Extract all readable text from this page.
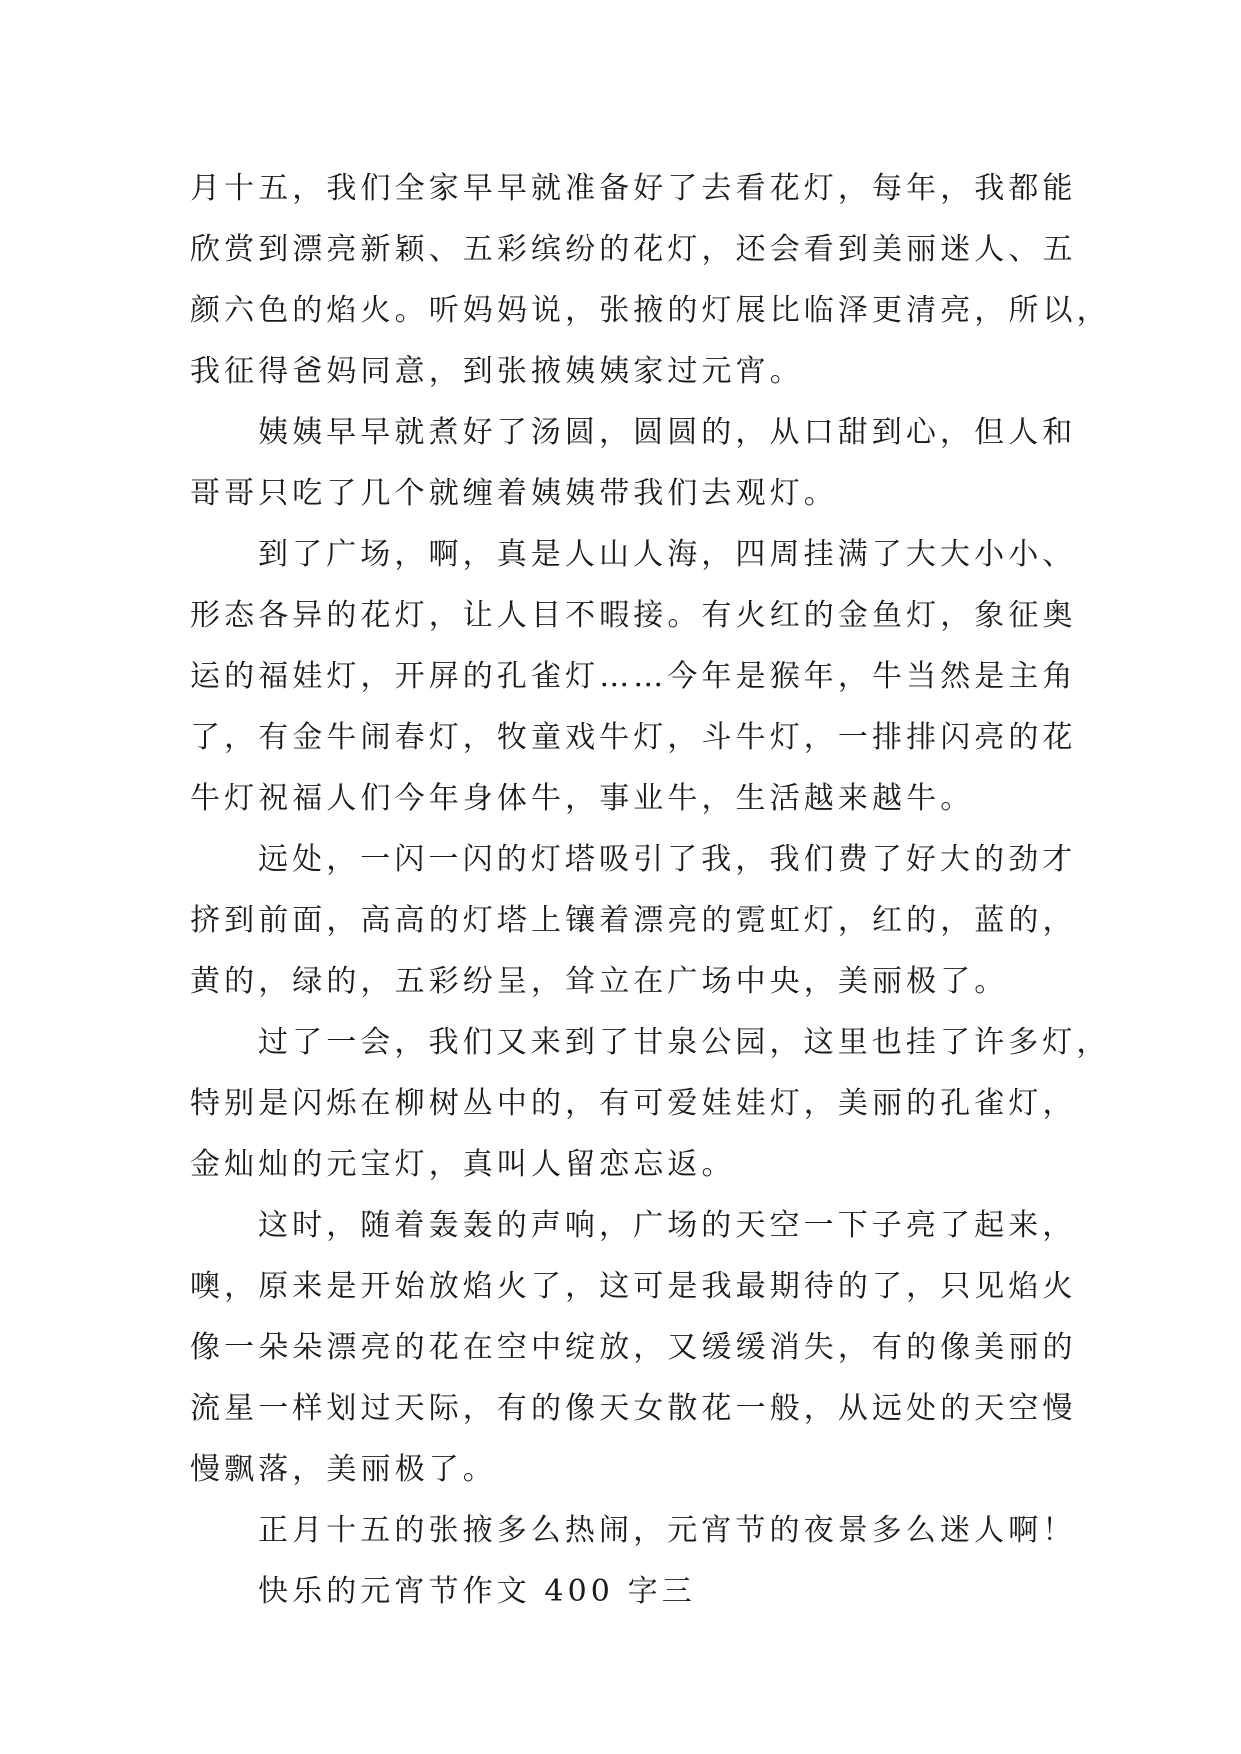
月十五，我们全家早早就准备好了去看花灯，每年，我都能
欣赏到漂亮新颖、五彩缤纷的花灯，还会看到美丽迷人、五
颜六色的焰火。听妈妈说，张掖的灯展比临泽更清亮，所以，
我征得爸妈同意，到张掖姨姨家过元宵。
姨姨早早就煮好了汤圆，圆圆的，从口甜到心，但人和
哥哥只吃了几个就缠着姨姨带我们去观灯。
到了广场，啊，真是人山人海，四周挂满了大大小小、
形态各异的花灯，让人目不暇接。有火红的金鱼灯，象征奥
运的福娃灯，开屏的孔雀灯……今年是猴年，牛当然是主角
了，有金牛闹春灯，牧童戏牛灯，斗牛灯，一排排闪亮的花
牛灯祝福人们今年身体牛，事业牛，生活越来越牛。
远处，一闪一闪的灯塔吸引了我，我们费了好大的劲才
挤到前面，高高的灯塔上镶着漂亮的霓虹灯，红的，蓝的，
黄的，绿的，五彩纷呈，耸立在广场中央，美丽极了。
过了一会，我们又来到了甘泉公园，这里也挂了许多灯，
特别是闪烁在柳树丛中的，有可爱娃娃灯，美丽的孔雀灯，
金灿灿的元宝灯，真叫人留恋忘返。
这时，随着轰轰的声响，广场的天空一下子亮了起来，
噢，原来是开始放焰火了，这可是我最期待的了，只见焰火
像一朵朵漂亮的花在空中绽放，又缓缓消失，有的像美丽的
流星一样划过天际，有的像天女散花一般，从远处的天空慢
慢飘落，美丽极了。
正月十五的张掖多么热闹，元宵节的夜景多么迷人啊！
快乐的元宵节作文 400 字三
